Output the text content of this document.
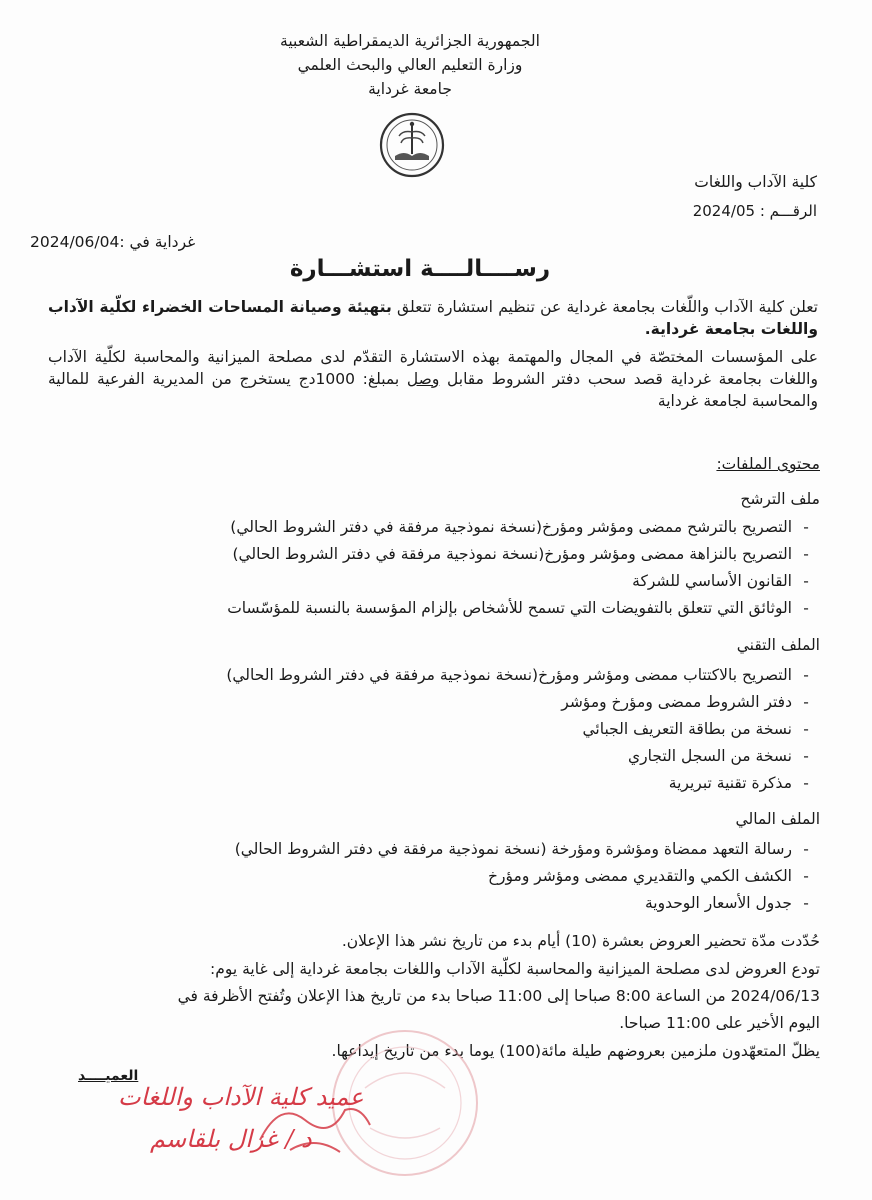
الجمهورية الجزائرية الديمقراطية الشعبية
وزارة التعليم العالي والبحث العلمي
جامعة غرداية
كلية الآداب واللغات
الرقـــم : 2024/05
غرداية في :2024/06/04
رســــالــــة استشـــارة
تعلن كلية الآداب واللّغات بجامعة غرداية عن تنظيم استشارة تتعلق بتهيئة وصيانة المساحات الخضراء لكلّية الآداب واللغات بجامعة غرداية.
على المؤسسات المختصّة في المجال والمهتمة بهذه الاستشارة التقدّم لدى مصلحة الميزانية والمحاسبة لكلّية الآداب واللغات بجامعة غرداية قصد سحب دفتر الشروط مقابل وصل بمبلغ: 1000دج يستخرج من المديرية الفرعية للمالية والمحاسبة لجامعة غرداية
محتوى الملفات:
ملف الترشح
-التصريح بالترشح ممضى ومؤشر ومؤرخ(نسخة نموذجية مرفقة في دفتر الشروط الحالي)
-التصريح بالنزاهة ممضى ومؤشر ومؤرخ(نسخة نموذجية مرفقة في دفتر الشروط الحالي)
-القانون الأساسي للشركة
-الوثائق التي تتعلق بالتفويضات التي تسمح للأشخاص بإلزام المؤسسة بالنسبة للمؤسّسات
الملف التقني
-التصريح بالاكتتاب ممضى ومؤشر ومؤرخ(نسخة نموذجية مرفقة في دفتر الشروط الحالي)
-دفتر الشروط ممضى ومؤرخ ومؤشر
-نسخة من بطاقة التعريف الجبائي
-نسخة من السجل التجاري
-مذكرة تقنية تبريرية
الملف المالي
-رسالة التعهد ممضاة ومؤشرة ومؤرخة (نسخة نموذجية مرفقة في دفتر الشروط الحالي)
-الكشف الكمي والتقديري ممضى ومؤشر ومؤرخ
-جدول الأسعار الوحدوية
حُدّدت مدّة تحضير العروض بعشرة (10) أيام بدء من تاريخ نشر هذا الإعلان.
تودع العروض لدى مصلحة الميزانية والمحاسبة لكلّية الآداب واللغات بجامعة غرداية إلى غاية يوم:
2024/06/13 من الساعة 8:00 صباحا إلى 11:00 صباحا بدء من تاريخ هذا الإعلان وتُفتح الأظرفة في
اليوم الأخير على 11:00 صباحا.
يظلّ المتعهّدون ملزمين بعروضهم طيلة مائة(100) يوما بدء من تاريخ إيداعها.
العميــــد
عميد كلية الآداب واللغات
د / غزال بلقاسم
